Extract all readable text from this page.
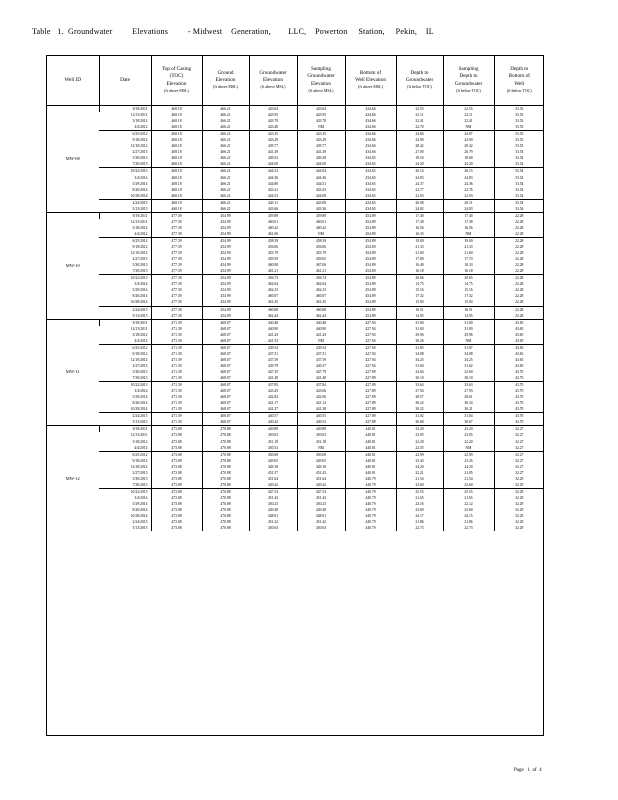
Table   1.  Groundwater         Elevations         - Midwest    Generation,        LLC,    Powerton     Station,     Pekin,    IL
Well ID	Date	Top of Casing
(TOC)
Elevation
(ft above MSL)	Ground
Elevation
(ft above MSL)	Groundwater
Elevation
(ft above MSL)	Sampling
Groundwater
Elevation
(ft above MSL)	Bottom of
Well Elevation
(ft above MSL)	Depth to
Groundwater
(ft below TOC)	Sampling
Depth to
Groundwater
(ft below TOC)	Depth to
Bottom of
Well
(ft below TOC)
MW-08	8/18/2011	468.18	466.21	443.64	443.64	434.66	22.55	22.55	33.53
	12/13/2011	468.18	466.21	443.95	443.95	434.66	22.11	22.11	33.53
	3/18/2012	468.18	466.21	443.78	443.78	434.66	22.41	22.41	33.53
	4/4/2012	468.18	466.21	443.48	NM	434.66	22.70	NM	33.53
	6/25/2012	468.18	466.21	443.35	443.35	434.66	24.84	24.87	33.53
	9/18/2012	468.18	466.21	443.29	443.29	434.66	24.90	24.90	33.53
	12/10/2012	468.18	466.21	439.77	439.77	434.66	28.42	28.42	33.53
	2/27/2013	468.18	466.21	441.49	441.49	434.66	27.00	26.79	33.53
	5/30/2013	468.18	466.21	449.52	449.28	434.65	18.54	18.69	33.54
	7/30/2013	468.18	466.21	444.00	444.00	434.65	24.20	24.20	33.54
	10/22/2013	468.18	466.21	444.52	444.04	434.65	26.14	26.15	33.54
	3/4/2014	468.18	466.21	444.36	444.36	434.65	24.83	24.83	33.54
	5/29/2014	468.18	466.21	444.80	444.51	434.65	24.37	24.36	33.54
	8/26/2014	468.18	466.21	443.41	443.43	434.65	22.77	22.76	33.54
	10/28/2014	468.18	466.21	444.53	444.08	434.65	22.03	22.03	33.54
	2/24/2015	468.18	466.21	443.11	443.08	434.65	26.08	26.11	33.54
	5/13/2015	468.18	466.21	443.66	443.36	434.65	24.82	24.83	33.54
MW-10	8/19/2011	477.39	454.99	459.88	459.88	454.89	17.40	17.40	22.28
	12/13/2011	477.39	454.99	460.01	460.01	454.89	17.38	17.38	22.28
	3/18/2012	477.39	454.99	460.42	460.42	454.89	16.56	16.56	22.28
	4/4/2012	477.39	454.99	461.06	NM	454.89	16.33	NM	22.28
	6/25/2012	477.39	454.99	458.39	458.39	454.89	19.00	19.00	22.28
	9/18/2012	477.39	454.99	456.06	456.06	454.89	21.33	21.33	22.28
	12/10/2012	477.39	454.99	455.79	455.79	454.89	21.60	21.60	22.28
	2/27/2013	477.39	454.99	459.59	459.65	454.89	17.80	17.74	22.28
	5/30/2013	477.39	454.99	460.90	467.06	454.89	16.49	10.33	22.28
	7/30/2013	477.39	454.99	461.21	461.21	454.89	16.18	16.18	22.28
	10/22/2013	477.39	454.99	456.73	456.74	454.89	20.66	20.65	22.28
	3/4/2014	477.39	454.99	462.64	462.64	454.89	14.75	14.75	22.28
	5/29/2014	477.39	454.99	462.23	462.23	454.89	15.16	15.16	22.28
	8/26/2014	477.39	454.99	460.07	460.07	454.89	17.32	17.32	22.28
	10/28/2014	477.39	454.99	461.45	461.45	454.89	15.94	15.94	22.28
	2/24/2015	477.39	454.99	460.88	460.88	454.89	16.51	16.51	22.28
	5/13/2015	477.39	454.99	462.44	462.44	454.89	14.95	14.95	22.28
MW-11	8/18/2011	471.39	468.07	440.48	440.48	427.94	31.00	31.00	43.65
	12/13/2011	471.39	468.07	440.90	440.90	427.94	31.00	31.09	43.65
	3/18/2012	471.39	468.07	441.43	441.43	427.94	29.96	29.96	43.65
	4/4/2012	471.39	468.07	441.53	NM	427.94	30.26	NM	43.65
	6/25/2012	471.39	468.07	439.54	439.54	427.94	31.85	31.87	43.65
	9/18/2012	471.39	468.07	437.31	437.31	427.94	34.08	34.08	43.65
	12/10/2012	471.39	468.07	437.59	437.59	427.94	34.25	34.25	43.65
	2/27/2013	471.39	468.07	439.79	440.37	427.94	31.60	31.02	43.65
	5/30/2013	471.39	468.07	447.35	447.79	427.89	24.04	23.60	43.70
	7/30/2013	471.39	468.07	441.48	441.48	427.89	30.10	30.10	43.70
	10/22/2013	471.39	468.07	437.85	437.84	427.89	33.64	33.63	43.70
	3/4/2014	471.39	468.07	443.45	443.66	427.89	27.94	27.93	43.70
	5/29/2014	471.39	468.07	442.82	442.96	427.89	28.57	28.61	43.70
	8/26/2014	471.39	468.07	441.17	441.12	427.89	30.22	30.34	43.70
	10/28/2014	471.39	468.07	441.37	441.38	427.89	30.22	30.21	43.70
	2/24/2015	471.39	468.07	440.57	440.55	427.89	31.02	31.04	43.70
	5/13/2015	471.39	468.07	440.42	440.52	427.89	30.68	30.67	43.70
MW-12	8/18/2011	473.08	470.88	449.88	449.88	440.81	23.20	23.20	32.27
	12/13/2011	473.08	470.88	450.03	450.03	440.81	23.05	23.05	32.27
	3/18/2012	473.08	470.88	451.18	451.18	440.81	22.20	22.20	32.27
	4/4/2012	473.08	470.88	450.53	NM	440.81	22.55	NM	32.27
	6/25/2012	473.08	470.88	450.08	450.08	440.81	22.99	22.99	32.27
	9/18/2012	473.08	470.88	449.65	449.65	440.81	23.43	23.45	32.27
	12/10/2012	473.08	470.88	449.18	449.18	440.81	24.20	24.20	32.27
	2/27/2013	473.08	470.88	451.57	451.43	440.81	22.21	21.85	32.27
	5/30/2013	473.08	470.88	451.64	451.64	440.79	21.54	21.54	32.29
	7/30/2013	473.08	470.88	449.42	449.42	440.79	23.60	22.60	32.29
	10/22/2013	473.08	470.88	447.53	447.53	440.79	25.55	25.55	32.29
	3/4/2014	473.08	470.88	451.43	451.43	440.79	21.65	21.65	32.29
	5/29/2014	473.08	470.88	450.23	450.23	440.79	22.16	22.12	32.29
	8/26/2014	473.08	470.88	449.48	449.48	440.79	23.69	23.60	32.29
	10/28/2014	473.08	470.88	448.91	448.91	440.79	24.17	24.15	32.29
	2/24/2015	473.08	470.88	451.22	451.42	440.79	21.86	21.86	32.29
	5/13/2015	473.08	470.88	450.63	450.63	440.79	22.73	22.73	32.29
Page   1  of  4
